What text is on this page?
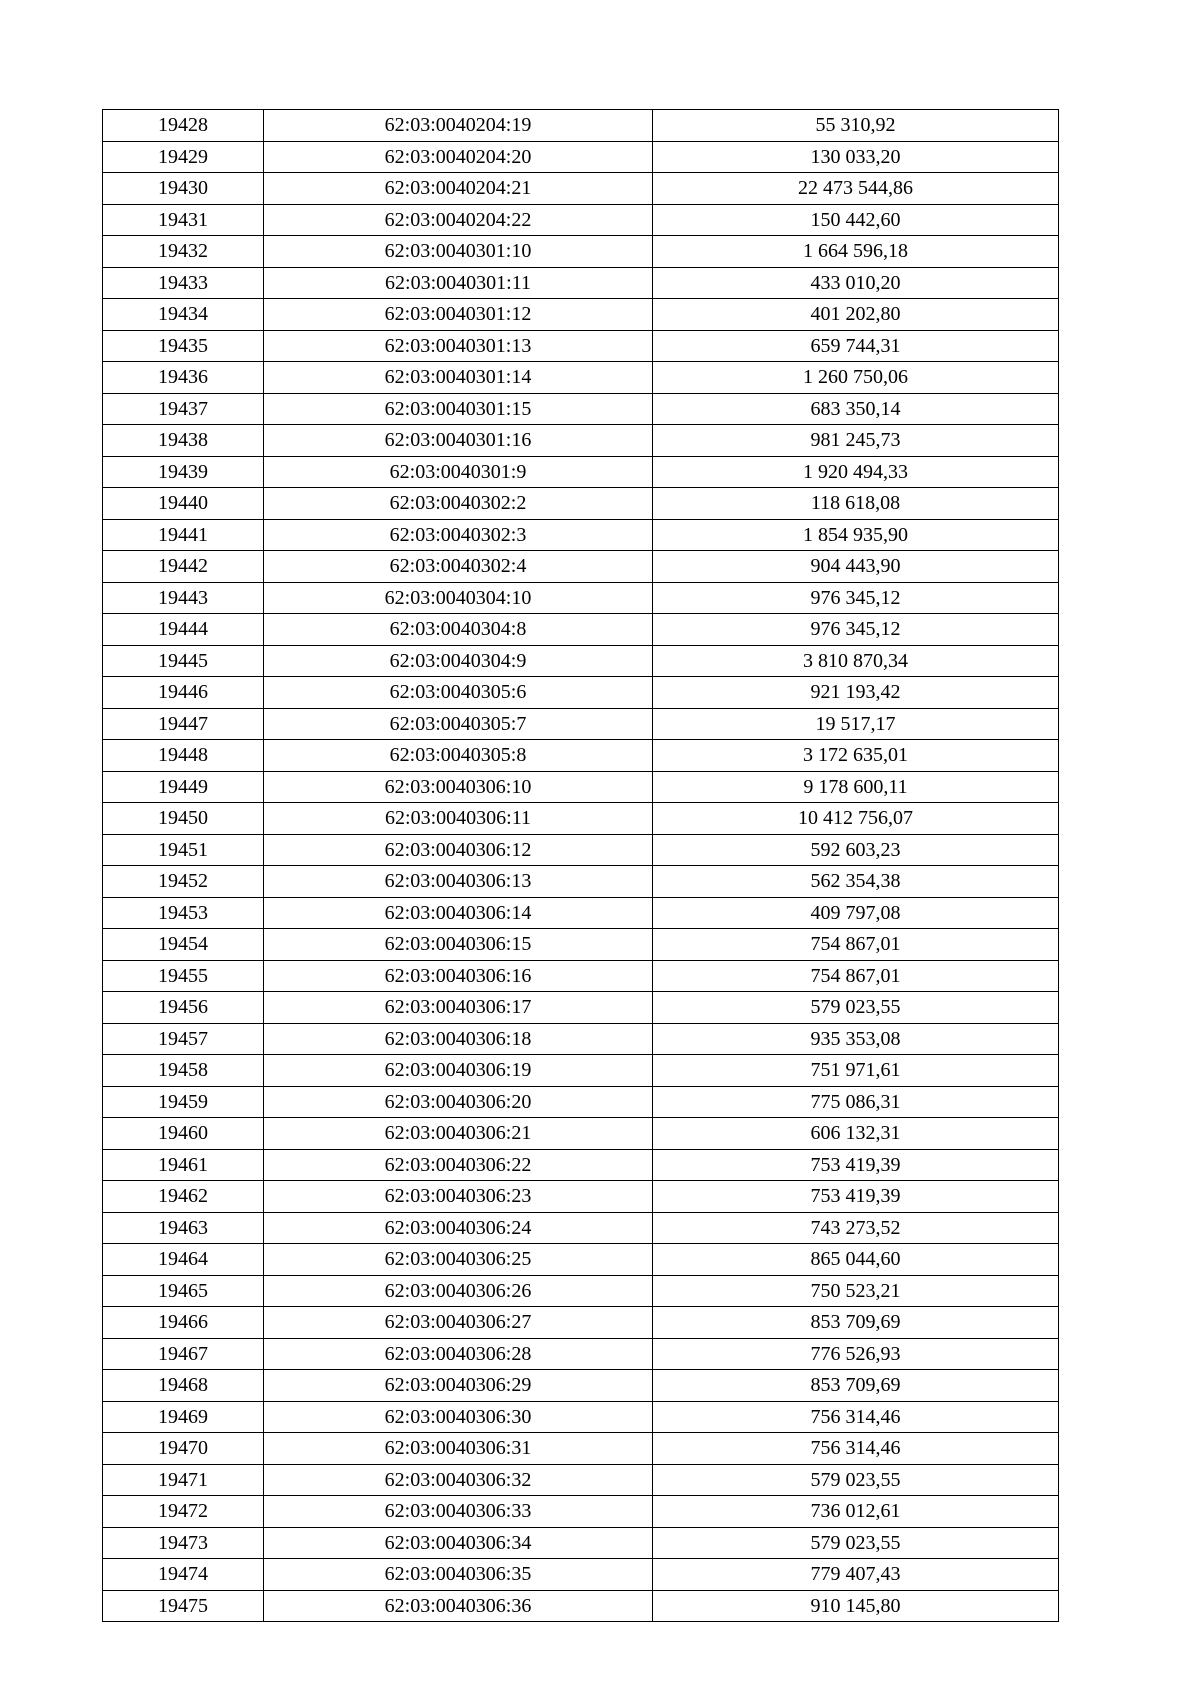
19428	62:03:0040204:19	55 310,92
19429	62:03:0040204:20	130 033,20
19430	62:03:0040204:21	22 473 544,86
19431	62:03:0040204:22	150 442,60
19432	62:03:0040301:10	1 664 596,18
19433	62:03:0040301:11	433 010,20
19434	62:03:0040301:12	401 202,80
19435	62:03:0040301:13	659 744,31
19436	62:03:0040301:14	1 260 750,06
19437	62:03:0040301:15	683 350,14
19438	62:03:0040301:16	981 245,73
19439	62:03:0040301:9	1 920 494,33
19440	62:03:0040302:2	118 618,08
19441	62:03:0040302:3	1 854 935,90
19442	62:03:0040302:4	904 443,90
19443	62:03:0040304:10	976 345,12
19444	62:03:0040304:8	976 345,12
19445	62:03:0040304:9	3 810 870,34
19446	62:03:0040305:6	921 193,42
19447	62:03:0040305:7	19 517,17
19448	62:03:0040305:8	3 172 635,01
19449	62:03:0040306:10	9 178 600,11
19450	62:03:0040306:11	10 412 756,07
19451	62:03:0040306:12	592 603,23
19452	62:03:0040306:13	562 354,38
19453	62:03:0040306:14	409 797,08
19454	62:03:0040306:15	754 867,01
19455	62:03:0040306:16	754 867,01
19456	62:03:0040306:17	579 023,55
19457	62:03:0040306:18	935 353,08
19458	62:03:0040306:19	751 971,61
19459	62:03:0040306:20	775 086,31
19460	62:03:0040306:21	606 132,31
19461	62:03:0040306:22	753 419,39
19462	62:03:0040306:23	753 419,39
19463	62:03:0040306:24	743 273,52
19464	62:03:0040306:25	865 044,60
19465	62:03:0040306:26	750 523,21
19466	62:03:0040306:27	853 709,69
19467	62:03:0040306:28	776 526,93
19468	62:03:0040306:29	853 709,69
19469	62:03:0040306:30	756 314,46
19470	62:03:0040306:31	756 314,46
19471	62:03:0040306:32	579 023,55
19472	62:03:0040306:33	736 012,61
19473	62:03:0040306:34	579 023,55
19474	62:03:0040306:35	779 407,43
19475	62:03:0040306:36	910 145,80
